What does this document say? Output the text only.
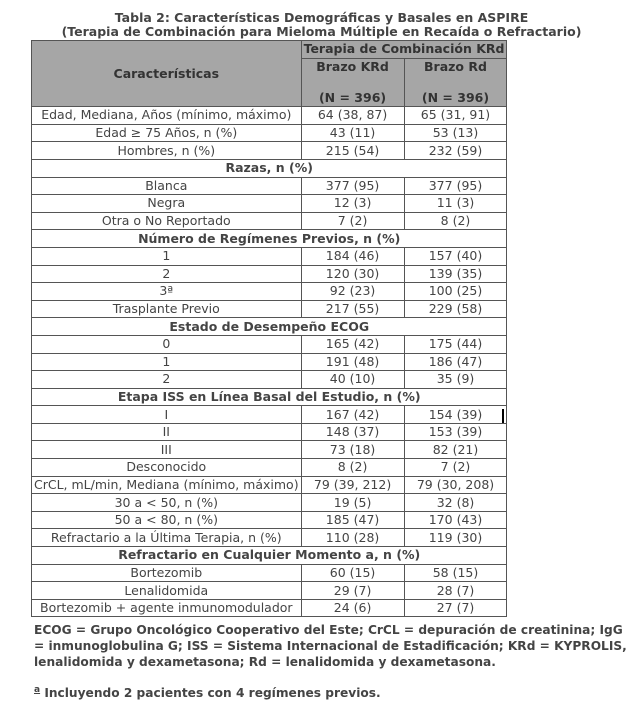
Tabla 2: Características Demográficas y Basales en ASPIRE
(Terapia de Combinación para Mieloma Múltiple en Recaída o Refractario)
Características	Terapia de Combinación KRd	
	Brazo KRd	Brazo Rd
	(N = 396)	(N = 396)
Edad, Mediana, Años (mínimo, máximo)	64 (38, 87)	65 (31, 91)
Edad ≥ 75 Años, n (%)	43 (11)	53 (13)
Hombres, n (%)	215 (54)	232 (59)
Razas, n (%)		
Blanca	377 (95)	377 (95)
Negra	12 (3)	11 (3)
Otra o No Reportado	7 (2)	8 (2)
Número de Regímenes Previos, n (%)		
1	184 (46)	157 (40)
2	120 (30)	139 (35)
3ª	92 (23)	100 (25)
Trasplante Previo	217 (55)	229 (58)
Estado de Desempeño ECOG		
0	165 (42)	175 (44)
1	191 (48)	186 (47)
2	40 (10)	35 (9)
Etapa ISS en Línea Basal del Estudio, n (%)		
I	167 (42)	154 (39)
II	148 (37)	153 (39)
III	73 (18)	82 (21)
Desconocido	8 (2)	7 (2)
CrCL, mL/min, Mediana (mínimo, máximo)	79 (39, 212)	79 (30, 208)
30 a < 50, n (%)	19 (5)	32 (8)
50 a < 80, n (%)	185 (47)	170 (43)
Refractario a la Última Terapia, n (%)	110 (28)	119 (30)
Refractario en Cualquier Momento a, n (%)		
Bortezomib	60 (15)	58 (15)
Lenalidomida	29 (7)	28 (7)
Bortezomib + agente inmunomodulador	24 (6)	27 (7)
ECOG = Grupo Oncológico Cooperativo del Este; CrCL = depuración de creatinina; IgG = inmunoglobulina G; ISS = Sistema Internacional de Estadificación; KRd = KYPROLIS, lenalidomida y dexametasona; Rd = lenalidomida y dexametasona.
$^a$ Incluyendo 2 pacientes con 4 regímenes previos.
